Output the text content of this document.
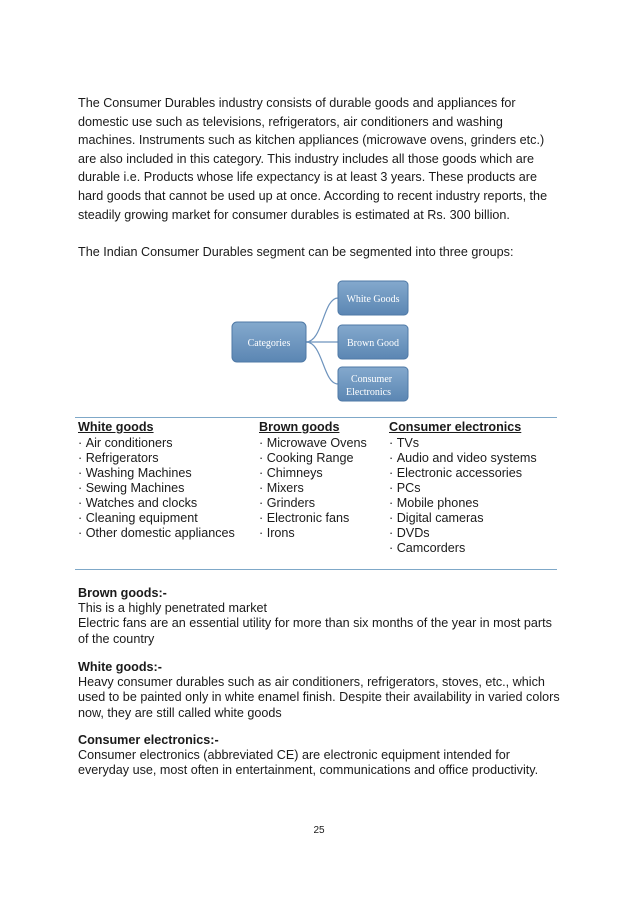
The Consumer Durables industry consists of durable goods and appliances for domestic use such as televisions, refrigerators, air conditioners and washing machines. Instruments such as kitchen appliances (microwave ovens, grinders etc.) are also included in this category. This industry includes all those goods which are durable i.e. Products whose life expectancy is at least 3 years. These products are hard goods that cannot be used up at once. According to recent industry reports, the steadily growing market for consumer durables is estimated at Rs. 300 billion.

The Indian Consumer Durables segment can be segmented into three groups:

Categories
White Goods
Brown Good
Consumer
Electronics
White goods
· Air conditioners
· Refrigerators
· Washing Machines
· Sewing Machines
· Watches and clocks
· Cleaning equipment
· Other domestic appliances
Brown goods
· Microwave Ovens
· Cooking Range
· Chimneys
· Mixers
· Grinders
· Electronic fans
· Irons
Consumer electronics
· TVs
· Audio and video systems
· Electronic accessories
· PCs
· Mobile phones
· Digital cameras
· DVDs
· Camcorders
Brown goods:-
This is a highly penetrated market
Electric fans are an essential utility for more than six months of the year in most parts of the country
White goods:-
Heavy consumer durables such as air conditioners, refrigerators, stoves, etc., which used to be painted only in white enamel finish. Despite their availability in varied colors now, they are still called white goods
Consumer electronics:-
Consumer electronics (abbreviated CE) are electronic equipment intended for everyday use, most often in entertainment, communications and office productivity.
25
